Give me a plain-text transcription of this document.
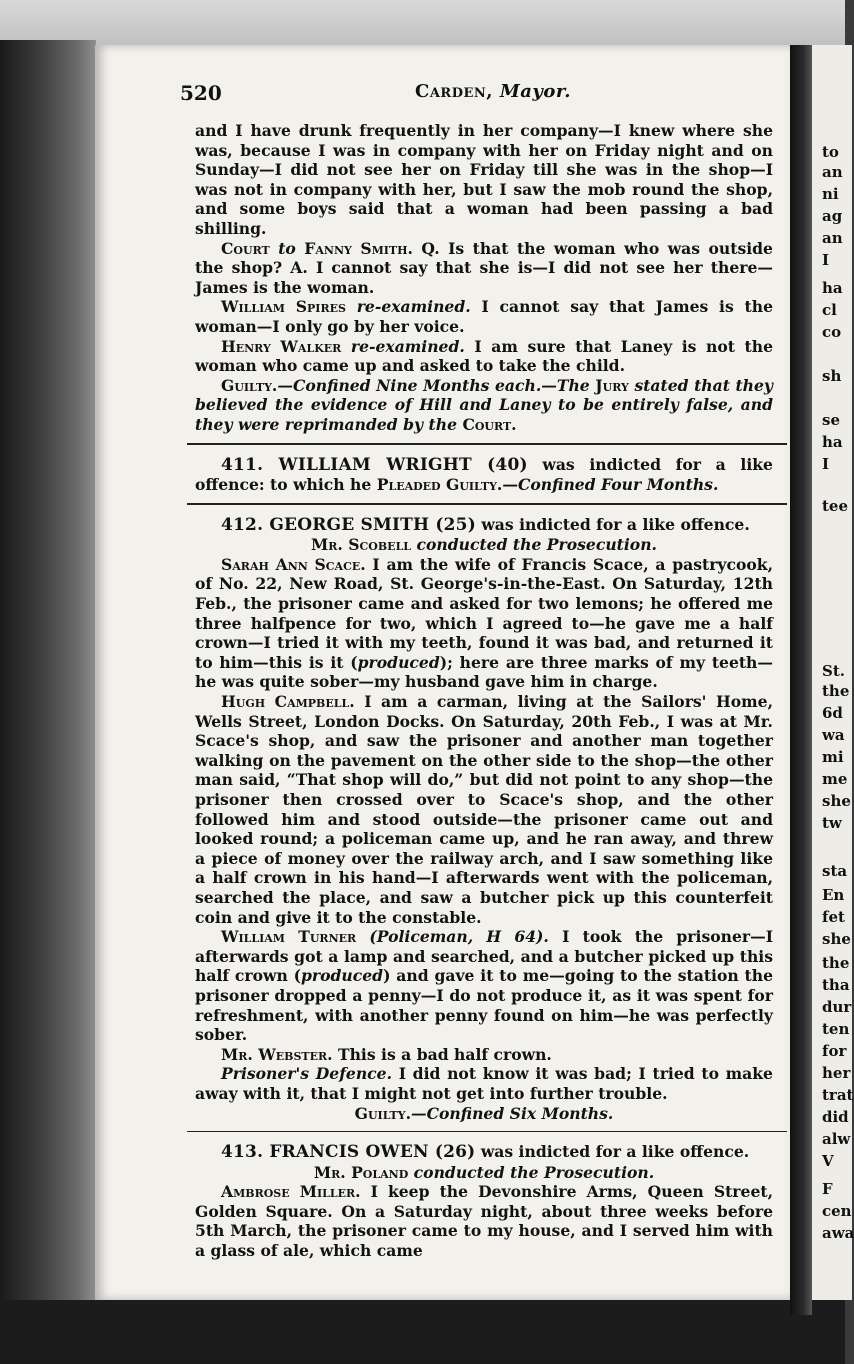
to
an
ni
ag
an
I
ha
cl
co
sh
se
ha
I
tee
St.
the
6d
wa
mi
me
she
tw
sta
En
fet
she
the
tha
dur
ten
for
her
trat
did
alw
V
F
cen
awa
520	Carden, Mayor.

and I have drunk frequently in her company—I knew where she was, because I was in company with her on Friday night and on Sunday—I did not see her on Friday till she was in the shop—I was not in company with her, but I saw the mob round the shop, and some boys said that a woman had been passing a bad shilling.

Court to Fanny Smith. Q. Is that the woman who was outside the shop? A. I cannot say that she is—I did not see her there—James is the woman.

William Spires re-examined. I cannot say that James is the woman—I only go by her voice.

Henry Walker re-examined. I am sure that Laney is not the woman who came up and asked to take the child.

Guilty.—Confined Nine Months each.—The Jury stated that they believed the evidence of Hill and Laney to be entirely false, and they were reprimanded by the Court.

411. WILLIAM WRIGHT (40) was indicted for a like offence: to which he Pleaded Guilty.—Confined Four Months.

412. GEORGE SMITH (25) was indicted for a like offence.

Mr. Scobell conducted the Prosecution.

Sarah Ann Scace. I am the wife of Francis Scace, a pastrycook, of No. 22, New Road, St. George's-in-the-East. On Saturday, 12th Feb., the prisoner came and asked for two lemons; he offered me three halfpence for two, which I agreed to—he gave me a half crown—I tried it with my teeth, found it was bad, and returned it to him—this is it (produced); here are three marks of my teeth—he was quite sober—my husband gave him in charge.

Hugh Campbell. I am a carman, living at the Sailors' Home, Wells Street, London Docks. On Saturday, 20th Feb., I was at Mr. Scace's shop, and saw the prisoner and another man together walking on the pavement on the other side to the shop—the other man said, “That shop will do,” but did not point to any shop—the prisoner then crossed over to Scace's shop, and the other followed him and stood outside—the prisoner came out and looked round; a policeman came up, and he ran away, and threw a piece of money over the railway arch, and I saw something like a half crown in his hand—I afterwards went with the policeman, searched the place, and saw a butcher pick up this counterfeit coin and give it to the constable.

William Turner (Policeman, H 64). I took the prisoner—I afterwards got a lamp and searched, and a butcher picked up this half crown (produced) and gave it to me—going to the station the prisoner dropped a penny—I do not produce it, as it was spent for refreshment, with another penny found on him—he was perfectly sober.

Mr. Webster. This is a bad half crown.

Prisoner's Defence. I did not know it was bad; I tried to make away with it, that I might not get into further trouble.

Guilty.—Confined Six Months.

413. FRANCIS OWEN (26) was indicted for a like offence.

Mr. Poland conducted the Prosecution.

Ambrose Miller. I keep the Devonshire Arms, Queen Street, Golden Square. On a Saturday night, about three weeks before 5th March, the prisoner came to my house, and I served him with a glass of ale, which came
